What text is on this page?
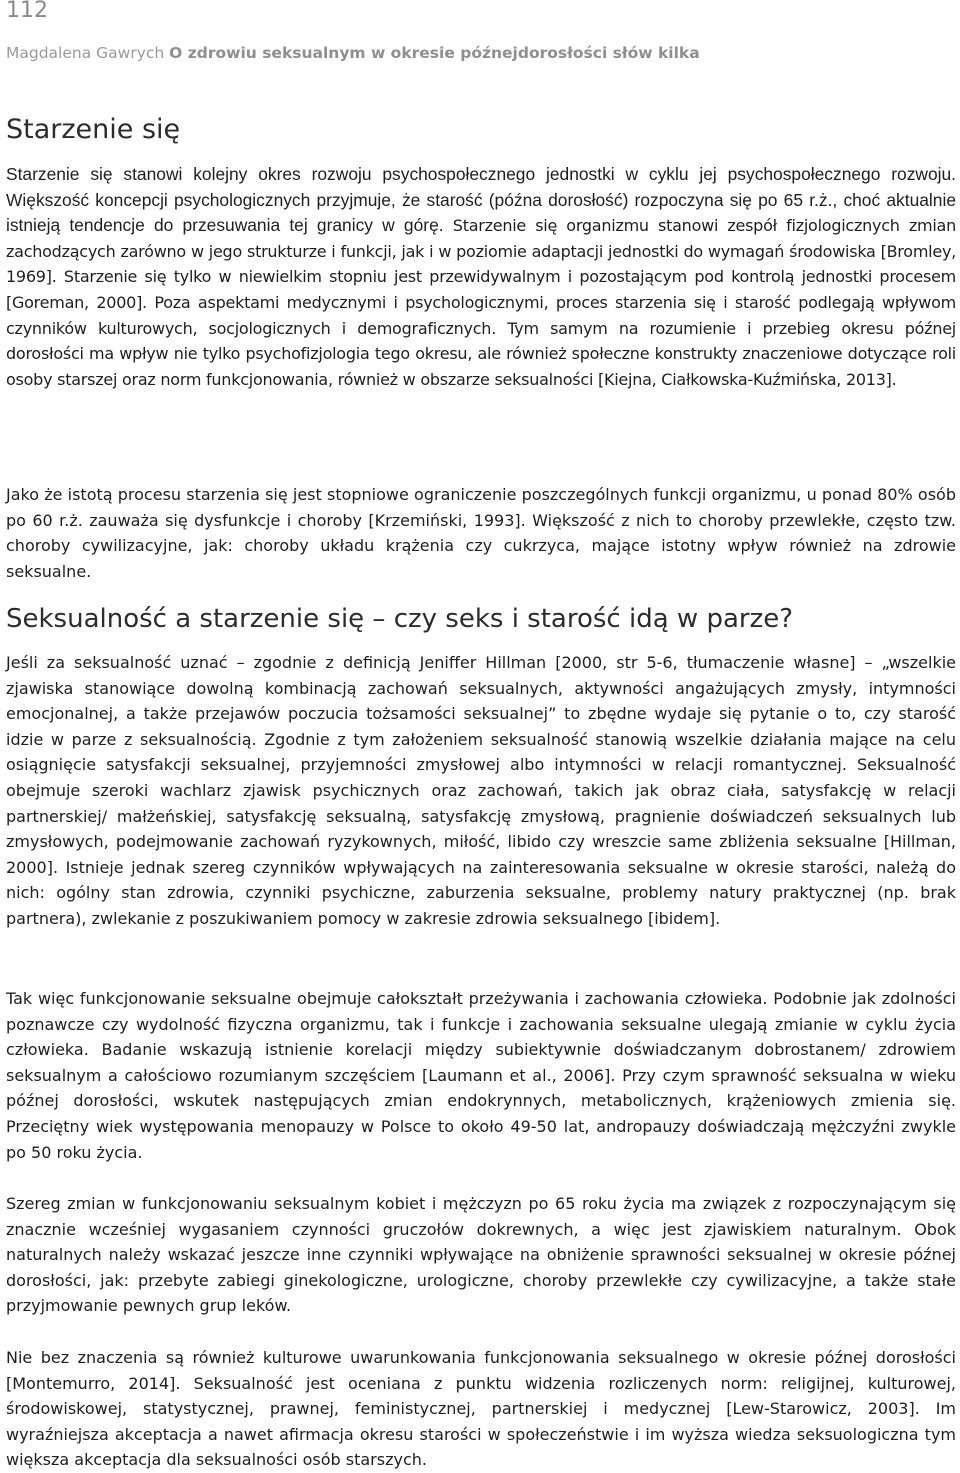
112
Magdalena Gawrych O zdrowiu seksualnym w okresie późnejdorosłości słów kilka
Starzenie się

Starzenie się stanowi kolejny okres rozwoju psychospołecznego jednostki w cyklu jej psychospołecznego rozwoju. Większość koncepcji psychologicznych przyjmuje, że starość (późna dorosłość) rozpoczyna się po 65 r.ż., choć aktualnie istnieją tendencje do przesuwania tej granicy w górę. Starzenie się organizmu stanowi zespół fizjologicznych zmian zachodzących zarówno w jego strukturze i funkcji, jak i w poziomie adaptacji jednostki do wymagań środowiska [Bromley, 1969]. Starzenie się tylko w niewielkim stopniu jest przewidywalnym i pozostającym pod kontrolą jednostki procesem [Goreman, 2000]. Poza aspektami medycznymi i psychologicznymi, proces starzenia się i starość podlegają wpływom czynników kulturowych, socjologicznych i demograficznych. Tym samym na rozumienie i przebieg okresu późnej dorosłości ma wpływ nie tylko psychofizjologia tego okresu, ale również społeczne konstrukty znaczeniowe dotyczące roli osoby starszej oraz norm funkcjonowania, również w obszarze seksualności [Kiejna, Ciałkowska-Kuźmińska, 2013].

Jako że istotą procesu starzenia się jest stopniowe ograniczenie poszczególnych funkcji organizmu, u ponad 80% osób po 60 r.ż. zauważa się dysfunkcje i choroby [Krzemiński, 1993]. Większość z nich to choroby przewlekłe, często tzw. choroby cywilizacyjne, jak: choroby układu krążenia czy cukrzyca, mające istotny wpływ również na zdrowie seksualne.

Seksualność a starzenie się – czy seks i starość idą w parze?

Jeśli za seksualność uznać – zgodnie z definicją Jeniffer Hillman [2000, str 5-6, tłumaczenie własne] – „wszelkie zjawiska stanowiące dowolną kombinacją zachowań seksualnych, aktywności angażujących zmysły, intymności emocjonalnej, a także przejawów poczucia tożsamości seksualnej” to zbędne wydaje się pytanie o to, czy starość idzie w parze z seksualnością. Zgodnie z tym założeniem seksualność stanowią wszelkie działania mające na celu osiągnięcie satysfakcji seksualnej, przyjemności zmysłowej albo intymności w relacji romantycznej. Seksualność obejmuje szeroki wachlarz zjawisk psychicznych oraz zachowań, takich jak obraz ciała, satysfakcję w relacji partnerskiej/ małżeńskiej, satysfakcję seksualną, satysfakcję zmysłową, pragnienie doświadczeń seksualnych lub zmysłowych, podejmowanie zachowań ryzykownych, miłość, libido czy wreszcie same zbliżenia seksualne [Hillman, 2000]. Istnieje jednak szereg czynników wpływających na zainteresowania seksualne w okresie starości, należą do nich: ogólny stan zdrowia, czynniki psychiczne, zaburzenia seksualne, problemy natury praktycznej (np. brak partnera), zwlekanie z poszukiwaniem pomocy w zakresie zdrowia seksualnego [ibidem].

Tak więc funkcjonowanie seksualne obejmuje całokształt przeżywania i zachowania człowieka. Podobnie jak zdolności poznawcze czy wydolność fizyczna organizmu, tak i funkcje i zachowania seksualne ulegają zmianie w cyklu życia człowieka. Badanie wskazują istnienie korelacji między subiektywnie doświadczanym dobrostanem/ zdrowiem seksualnym a całościowo rozumianym szczęściem [Laumann et al., 2006]. Przy czym sprawność seksualna w wieku późnej dorosłości, wskutek następujących zmian endokrynnych, metabolicznych, krążeniowych zmienia się. Przeciętny wiek występowania menopauzy w Polsce to około 49-50 lat, andropauzy doświadczają mężczyźni zwykle po 50 roku życia.

Szereg zmian w funkcjonowaniu seksualnym kobiet i mężczyzn po 65 roku życia ma związek z rozpoczynającym się znacznie wcześniej wygasaniem czynności gruczołów dokrewnych, a więc jest zjawiskiem naturalnym. Obok naturalnych należy wskazać jeszcze inne czynniki wpływające na obniżenie sprawności seksualnej w okresie późnej dorosłości, jak: przebyte zabiegi ginekologiczne, urologiczne, choroby przewlekłe czy cywilizacyjne, a także stałe przyjmowanie pewnych grup leków.

Nie bez znaczenia są również kulturowe uwarunkowania funkcjonowania seksualnego w okresie późnej dorosłości [Montemurro, 2014]. Seksualność jest oceniana z punktu widzenia rozliczenych norm: religijnej, kulturowej, środowiskowej, statystycznej, prawnej, feministycznej, partnerskiej i medycznej [Lew-Starowicz, 2003]. Im wyraźniejsza akceptacja a nawet afirmacja okresu starości w społeczeństwie i im wyższa wiedza seksuologiczna tym większa akceptacja dla seksualności osób starszych.
